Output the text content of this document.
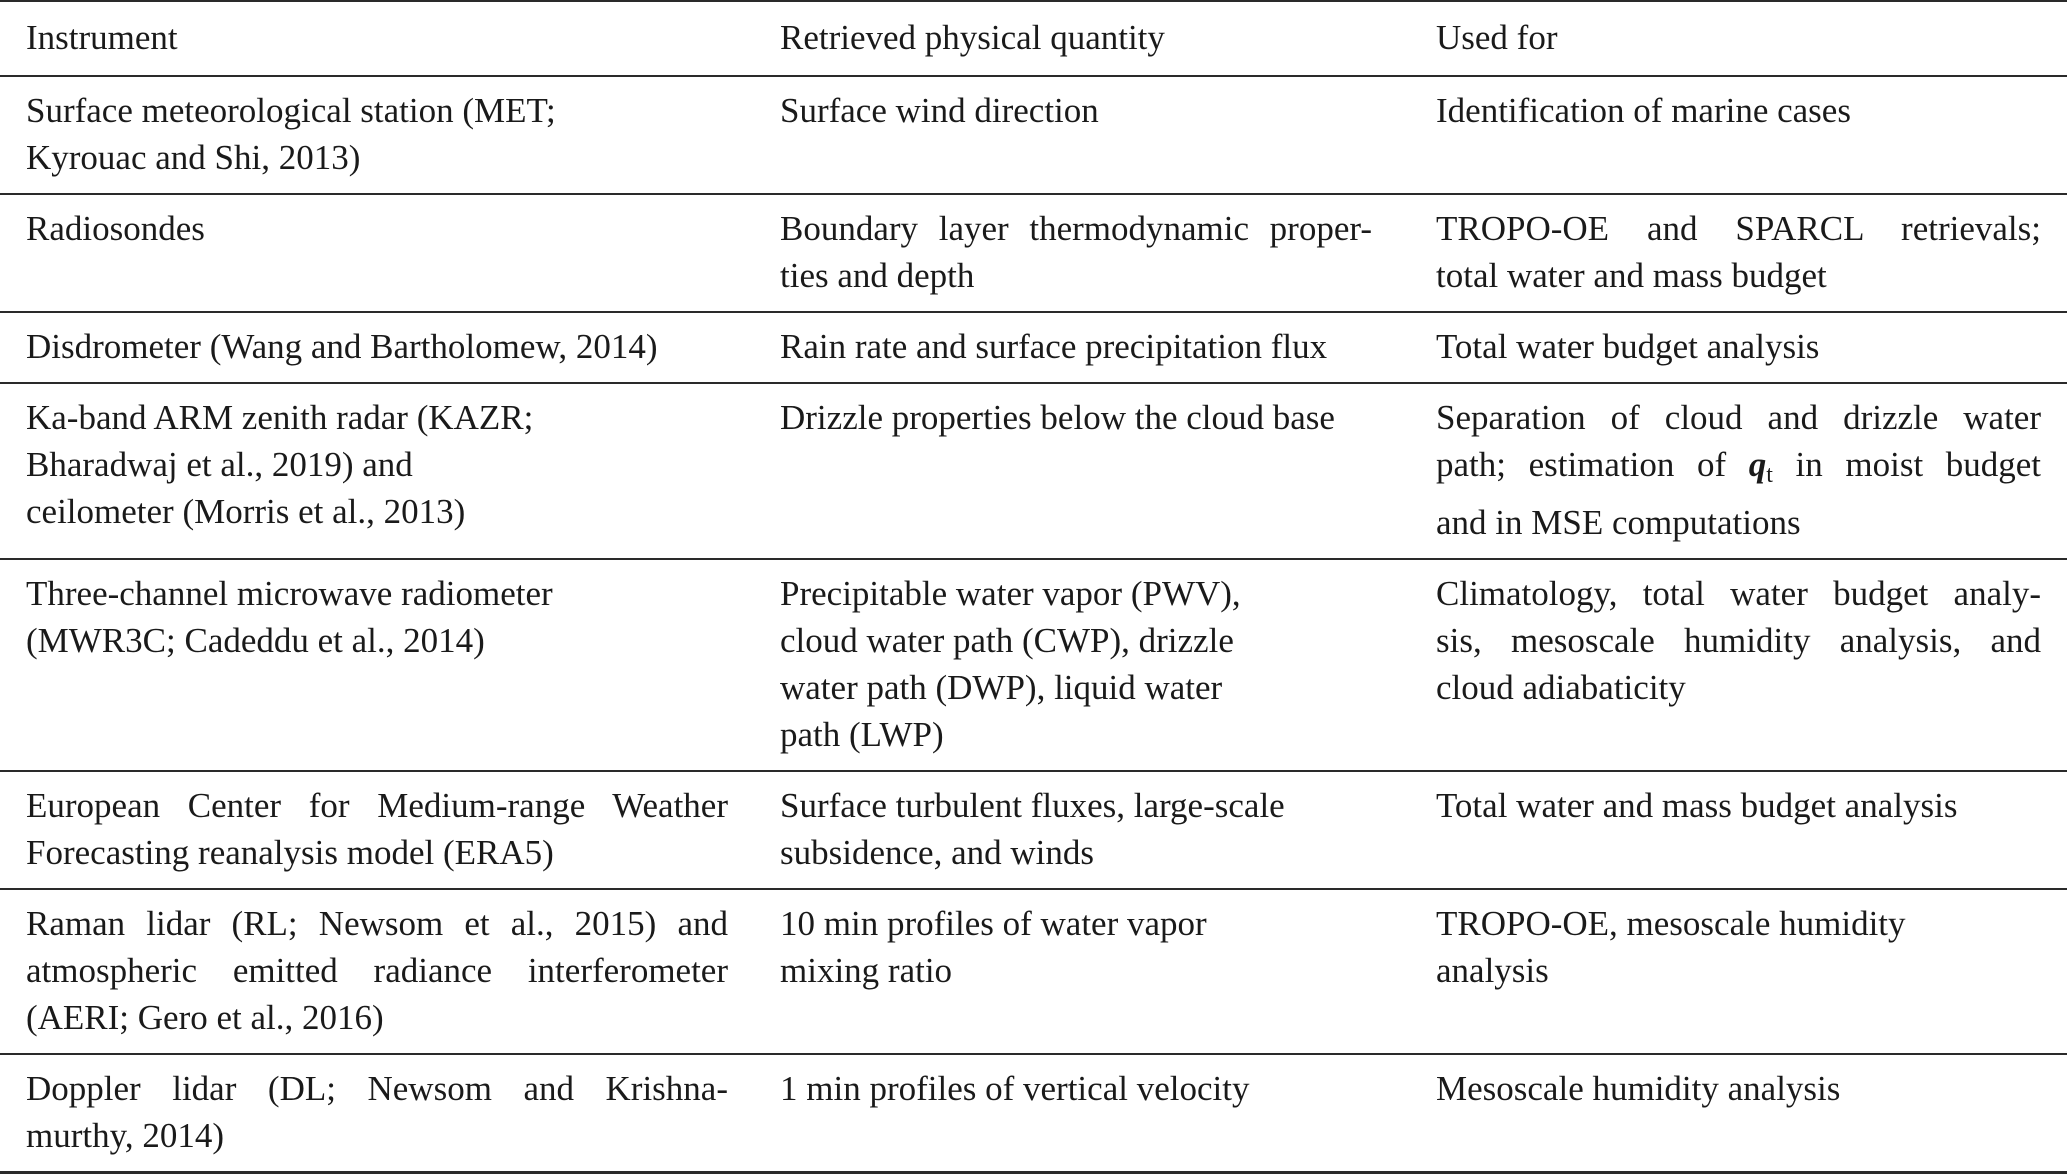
Instrument	Retrieved physical quantity	Used for

Surface meteorological station (MET;
Kyrouac and Shi, 2013)	Surface wind direction	Identification of marine cases

Radiosondes	Boundary layer thermodynamic proper-
ties and depth	TROPO-OE and SPARCL retrievals;
total water and mass budget

Disdrometer (Wang and Bartholomew, 2014)	Rain rate and surface precipitation flux	Total water budget analysis

Ka-band ARM zenith radar (KAZR;
Bharadwaj et al., 2019) and
ceilometer (Morris et al., 2013)	Drizzle properties below the cloud base	Separation of cloud and drizzle water
path; estimation of qt in moist budget
and in MSE computations

Three-channel microwave radiometer
(MWR3C; Cadeddu et al., 2014)	Precipitable water vapor (PWV),
cloud water path (CWP), drizzle
water path (DWP), liquid water
path (LWP)	Climatology, total water budget analy-
sis, mesoscale humidity analysis, and
cloud adiabaticity

European Center for Medium-range Weather
Forecasting reanalysis model (ERA5)	Surface turbulent fluxes, large-scale
subsidence, and winds	Total water and mass budget analysis

Raman lidar (RL; Newsom et al., 2015) and
atmospheric emitted radiance interferometer
(AERI; Gero et al., 2016)	10 min profiles of water vapor
mixing ratio	TROPO-OE, mesoscale humidity
analysis

Doppler lidar (DL; Newsom and Krishna-
murthy, 2014)	1 min profiles of vertical velocity	Mesoscale humidity analysis
